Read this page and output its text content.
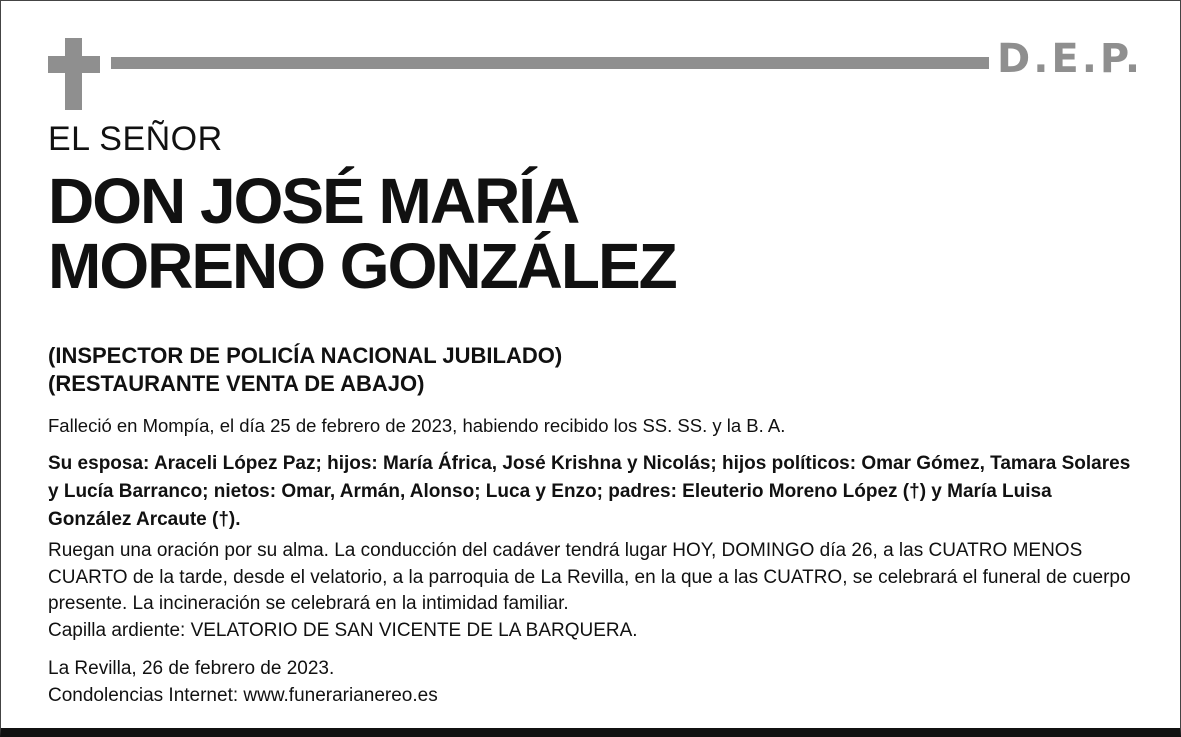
D.E.P.
EL SEÑOR
DON JOSÉ MARÍA
MORENO GONZÁLEZ
(INSPECTOR DE POLICÍA NACIONAL JUBILADO)
(RESTAURANTE VENTA DE ABAJO)
Falleció en Mompía, el día 25 de febrero de 2023, habiendo recibido los SS. SS. y la B. A.
Su esposa: Araceli López Paz; hijos: María África, José Krishna y Nicolás; hijos políticos: Omar Gómez, Tamara Solares y Lucía Barranco; nietos: Omar, Armán, Alonso; Luca y Enzo; padres: Eleuterio Moreno López (†) y María Luisa González Arcaute (†).
Ruegan una oración por su alma. La conducción del cadáver tendrá lugar HOY, DOMINGO día 26, a las CUATRO MENOS CUARTO de la tarde, desde el velatorio, a la parroquia de La Revilla, en la que a las CUATRO, se celebrará el funeral de cuerpo presente. La incineración se celebrará en la intimidad familiar.
Capilla ardiente: VELATORIO DE SAN VICENTE DE LA BARQUERA.
La Revilla, 26 de febrero de 2023.
Condolencias Internet: www.funerarianereo.es
